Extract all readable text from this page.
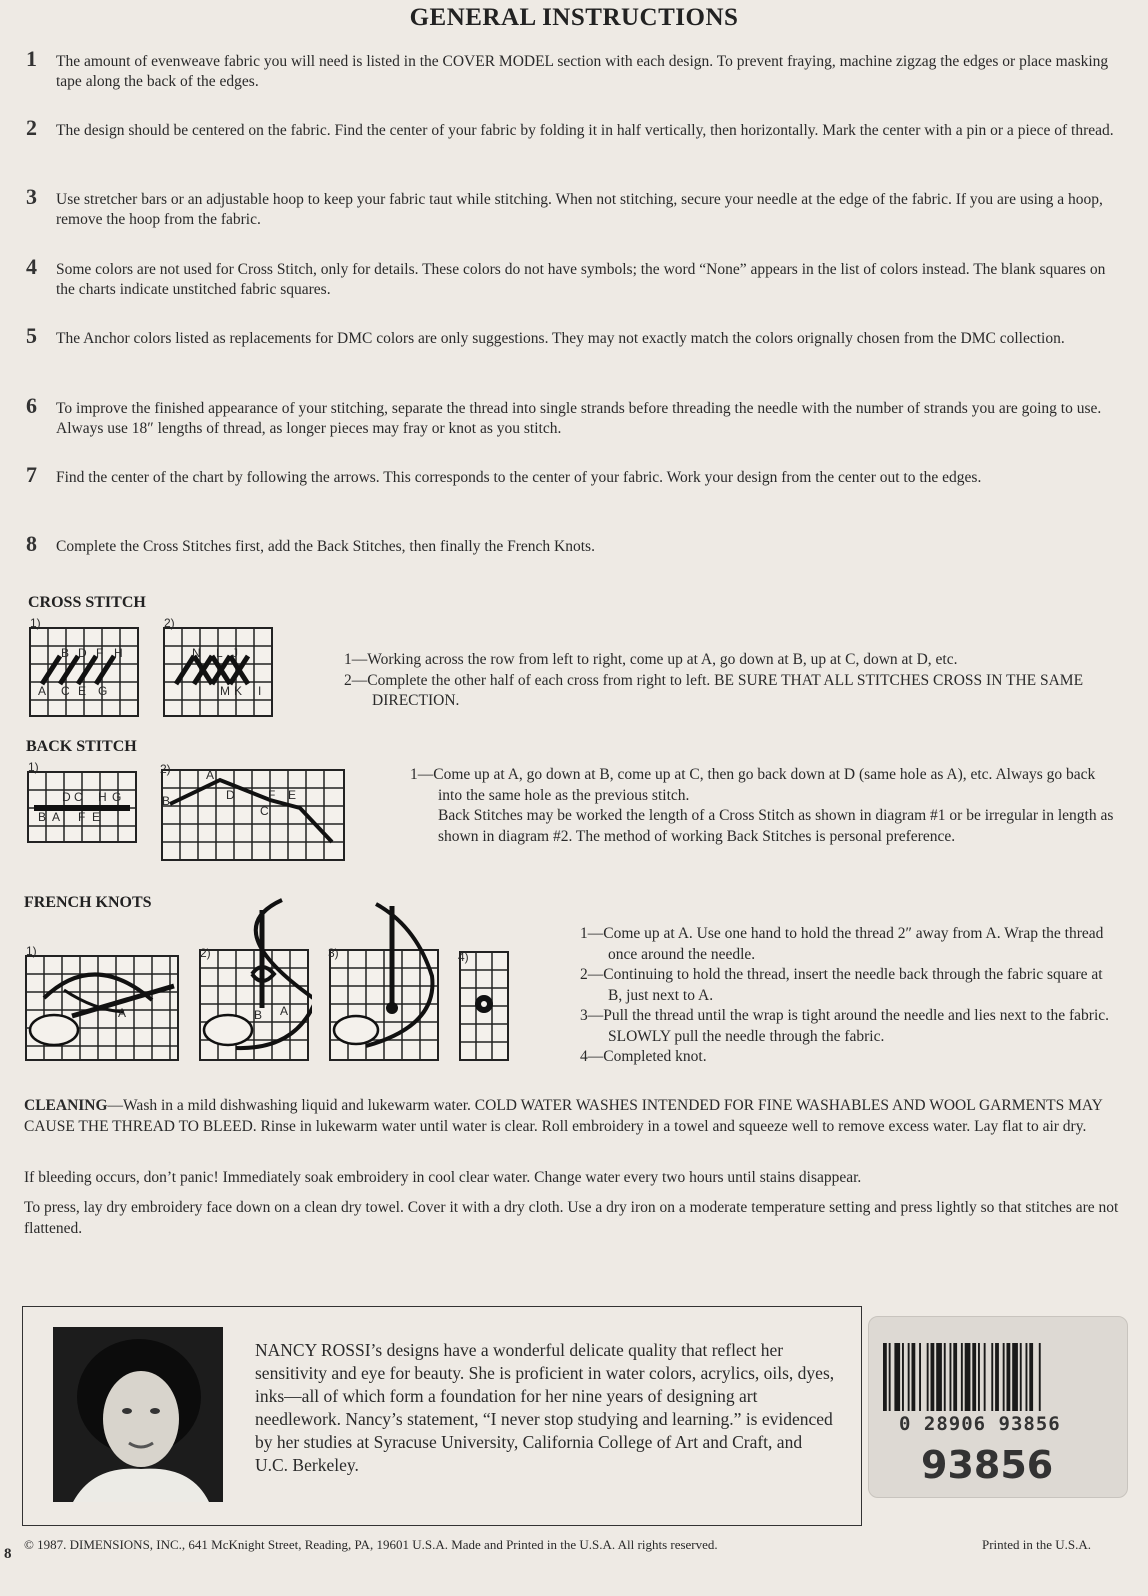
GENERAL INSTRUCTIONS
1 The amount of evenweave fabric you will need is listed in the COVER MODEL section with each design. To prevent fraying, machine zigzag the edges or place masking tape along the back of the edges.
2 The design should be centered on the fabric. Find the center of your fabric by folding it in half vertically, then horizontally. Mark the center with a pin or a piece of thread.
3 Use stretcher bars or an adjustable hoop to keep your fabric taut while stitching. When not stitching, secure your needle at the edge of the fabric. If you are using a hoop, remove the hoop from the fabric.
4 Some colors are not used for Cross Stitch, only for details. These colors do not have symbols; the word “None” appears in the list of colors instead. The blank squares on the charts indicate unstitched fabric squares.
5 The Anchor colors listed as replacements for DMC colors are only suggestions. They may not exactly match the colors orignally chosen from the DMC collection.
6 To improve the finished appearance of your stitching, separate the thread into single strands before threading the needle with the number of strands you are going to use. Always use 18″ lengths of thread, as longer pieces may fray or knot as you stitch.
7 Find the center of the chart by following the arrows. This corresponds to the center of your fabric. Work your design from the center out to the edges.
8 Complete the Cross Stitches first, add the Back Stitches, then finally the French Knots.
CROSS STITCH
1)
B D F H
A C E G
2)
N L J
M K I

1—Working across the row from left to right, come up at A, go down at B, up at C, down at D, etc.

2—Complete the other half of each cross from right to left. BE SURE THAT ALL STITCHES CROSS IN THE SAME DIRECTION.

BACK STITCH
1)
D C H G
B A F E
2)	A
B	D
C
F E

1—Come up at A, go down at B, come up at C, then go back down at D (same hole as A), etc. Always go back into the same hole as the previous stitch.

Back Stitches may be worked the length of a Cross Stitch as shown in diagram #1 or be irregular in length as shown in diagram #2. The method of working Back Stitches is personal preference.

FRENCH KNOTS
1)
A
2)
B A
3)	4)

1—Come up at A. Use one hand to hold the thread 2″ away from A. Wrap the thread once around the needle.

2—Continuing to hold the thread, insert the needle back through the fabric square at B, just next to A.

3—Pull the thread until the wrap is tight around the needle and lies next to the fabric. SLOWLY pull the needle through the fabric.

4—Completed knot.

CLEANING—Wash in a mild dishwashing liquid and lukewarm water. COLD WATER WASHES INTENDED FOR FINE WASHABLES AND WOOL GARMENTS MAY CAUSE THE THREAD TO BLEED. Rinse in lukewarm water until water is clear. Roll embroidery in a towel and squeeze well to remove excess water. Lay flat to air dry.
If bleeding occurs, don’t panic! Immediately soak embroidery in cool clear water. Change water every two hours until stains disappear.
To press, lay dry embroidery face down on a clean dry towel. Cover it with a dry cloth. Use a dry iron on a moderate temperature setting and press lightly so that stitches are not flattened.
NANCY ROSSI’s designs have a wonderful delicate quality that reflect her sensitivity and eye for beauty. She is proficient in water colors, acrylics, oils, dyes, inks—all of which form a foundation for her nine years of designing art needlework. Nancy’s statement, “I never stop studying and learning.” is evidenced by her studies at Syracuse University, California College of Art and Craft, and U.C. Berkeley.
0 28906 93856
93856
8
© 1987. DIMENSIONS, INC., 641 McKnight Street, Reading, PA, 19601 U.S.A. Made and Printed in the U.S.A. All rights reserved.	Printed in the U.S.A.
